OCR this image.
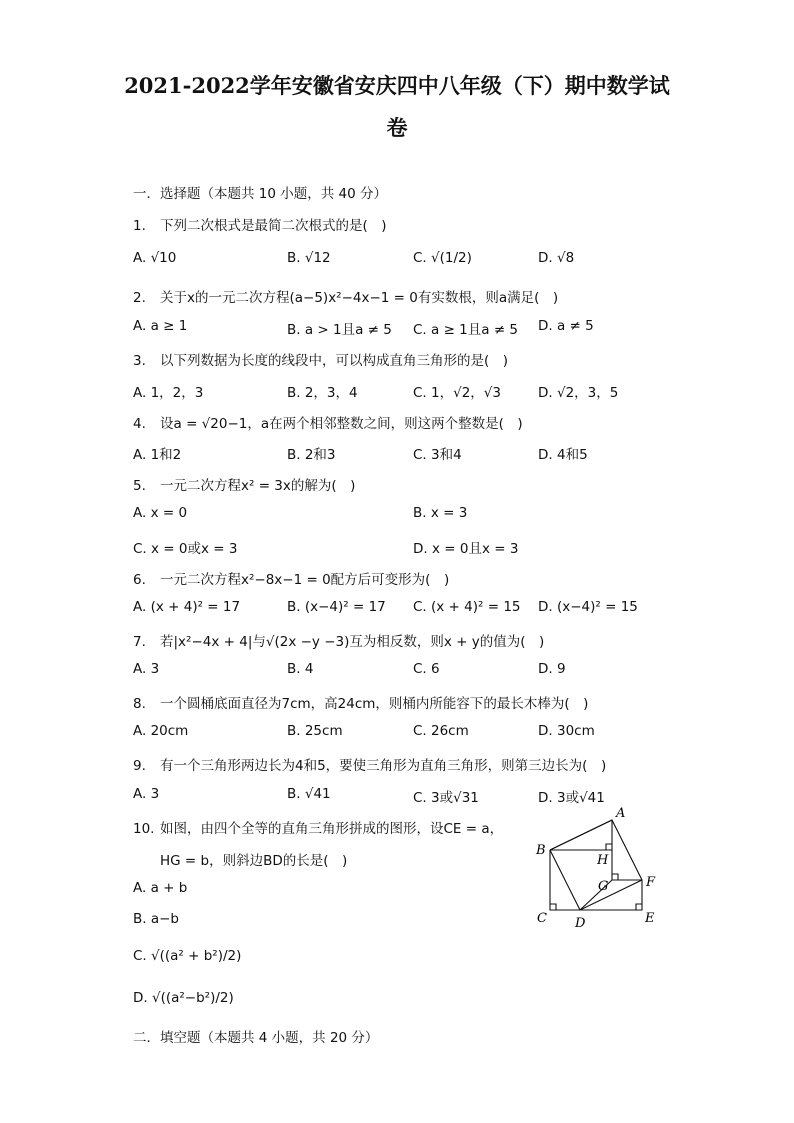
2021-2022学年安徽省安庆四中八年级（下）期中数学试
卷
一．选择题（本题共 10 小题，共 40 分）
1. 下列二次根式是最简二次根式的是(　)
A. √10	B. √12	C. √(1/2)	D. √8
2. 关于x的一元二次方程(a−5)x²−4x−1 = 0有实数根，则a满足(　)
A. a ≥ 1	B. a > 1且a ≠ 5 C. a ≥ 1且a ≠ 5 D. a ≠ 5
3. 以下列数据为长度的线段中，可以构成直角三角形的是(　)
A. 1，2，3	B. 2，3，4	C. 1，√2，√3	D. √2，3，5
4. 设a = √20−1，a在两个相邻整数之间，则这两个整数是(　)
A. 1和2	B. 2和3	C. 3和4	D. 4和5
5. 一元二次方程x² = 3x的解为(　)
A. x = 0	B. x = 3
C. x = 0或x = 3	D. x = 0且x = 3
6. 一元二次方程x²−8x−1 = 0配方后可变形为(　)
A. (x + 4)² = 17	B. (x−4)² = 17 C. (x + 4)² = 15 D. (x−4)² = 15
7. 若|x²−4x + 4|与√(2x −y −3)互为相反数，则x + y的值为(　)
A. 3	B. 4	C. 6	D. 9
8. 一个圆桶底面直径为7cm，高24cm，则桶内所能容下的最长木棒为(　)
A. 20cm	B. 25cm	C. 26cm	D. 30cm
9. 有一个三角形两边长为4和5，要使三角形为直角三角形，则第三边长为(　)
A. 3	B. √41	C. 3或√31	D. 3或√41
10. 如图，由四个全等的直角三角形拼成的图形，设CE = a，
HG = b，则斜边BD的长是(　)
A. a + b
B. a−b
C. √((a² + b²)/2)
D. √((a²−b²)/2)
A
B
H
G	F
C D	E
二．填空题（本题共 4 小题，共 20 分）
